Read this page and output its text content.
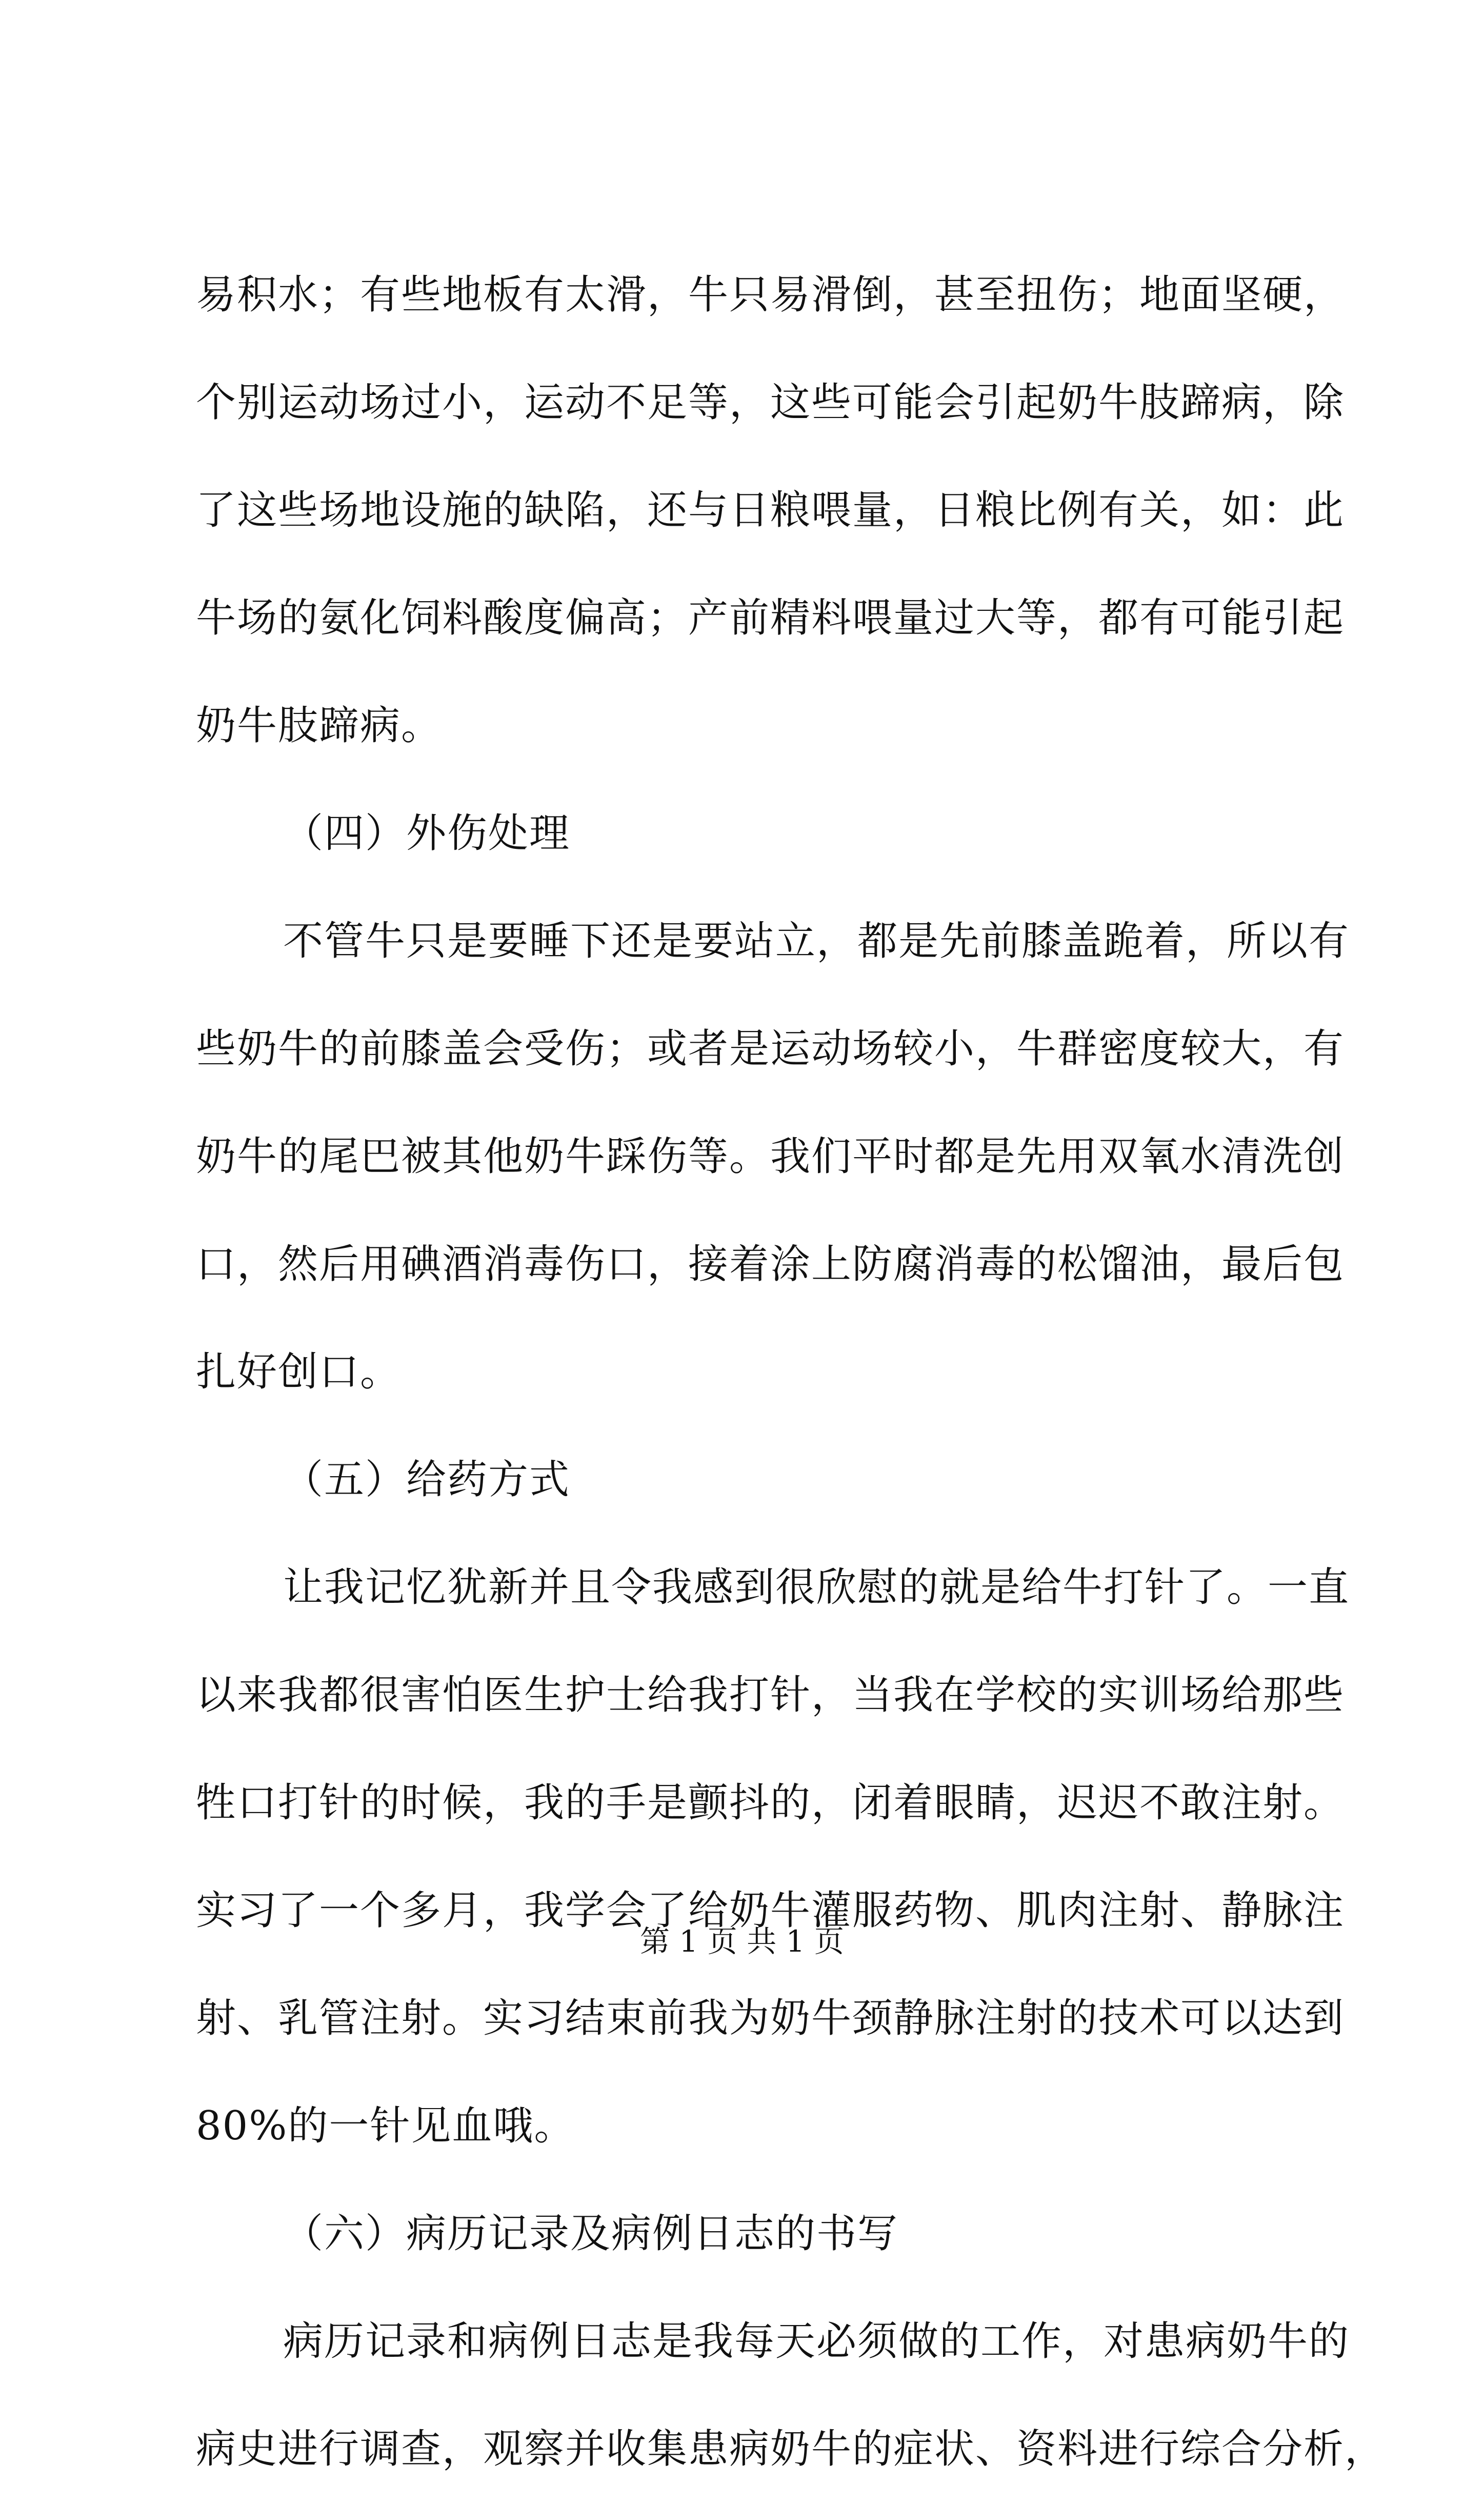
易积水；有些地板有太滑，牛只易滑倒，甚至扭伤；地面坚硬，
个别运动场过小，运动不足等，这些可能会引起奶牛肢蹄病，除
了这些场地设施的缺陷，还与日粮喂量，日粮比例有关，如：此
牛场的氨化饲料酸度偏高；产前精料喂量过大等，都有可能引起
奶牛肢蹄病。
（四）外伤处理
不管牛只是要睡下还是要站立，都是先前膝盖跪着，所以有
些奶牛的前膝盖会受伤；或者是运动场较小，牛群密度较大，有
奶牛的尾巴被其他奶牛踩伤等。我们平时都是先用双氧水清洗创
口，然后用碘酒消毒伤口，接着涂上防腐消毒的松馏油，最后包
扎好创口。
（五）给药方式
让我记忆犹新并且令我感到很欣慰的就是给牛打针了。一直
以来我都很害怕医生护士给我打针，当我在学校的实训场给那些
牲口打针的时候，我的手是颤抖的，闭着眼睛，迟迟不敢注射。
实习了一个多月，我学会了给奶牛灌服药物、肌肉注射、静脉注
射、乳管注射。实习结束前我为奶牛颈静脉注射的技术可以达到
80%的一针见血哦。
（六）病历记录及病例日志的书写
病历记录和病例日志是我每天必须做的工作，对患病奶牛的
病史进行调查，观察并收集患病奶牛的症状、资料进行综合分析，
第 1 页 共 1 页
